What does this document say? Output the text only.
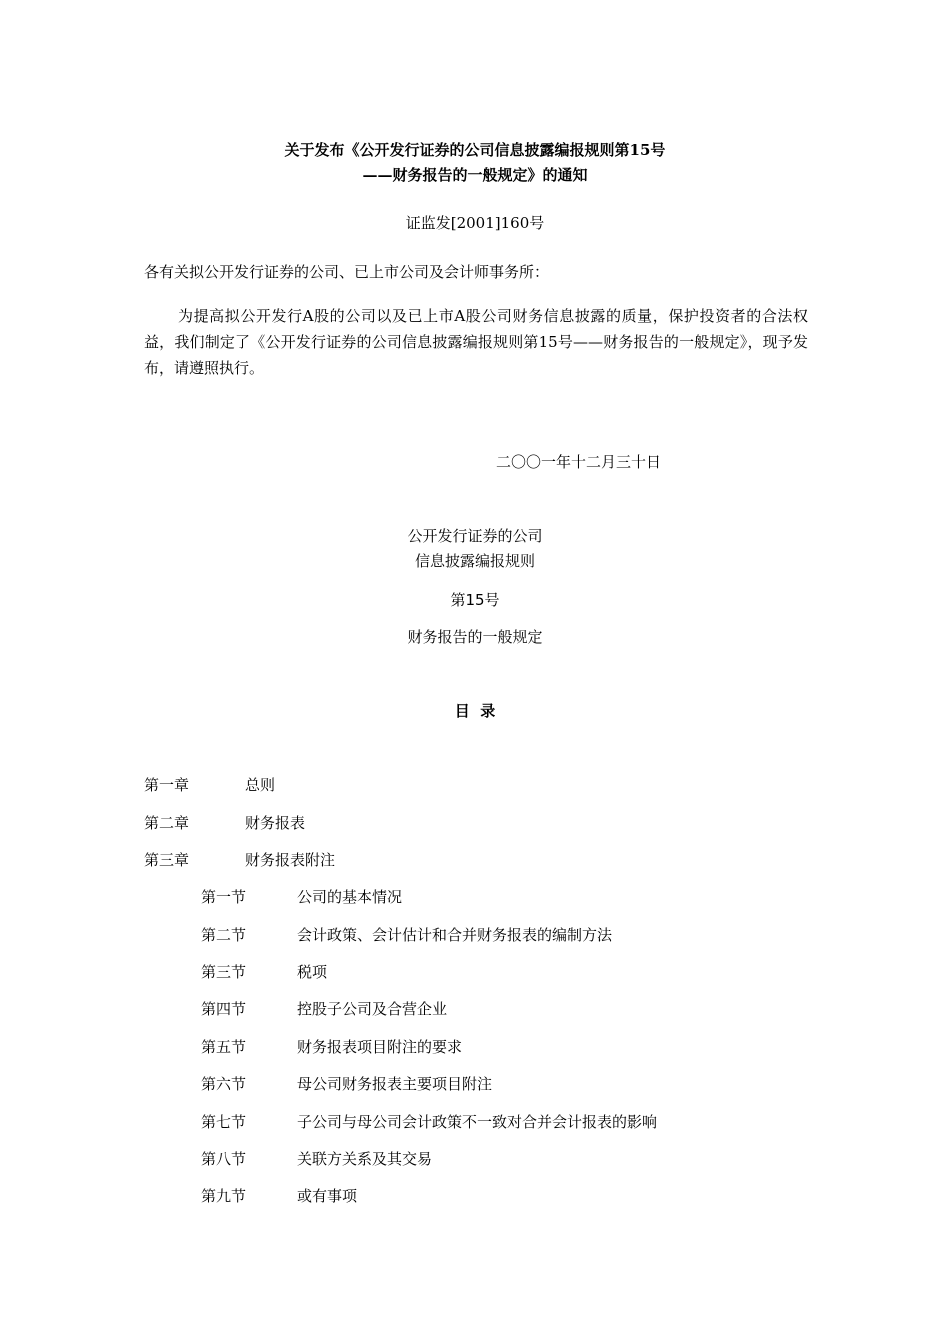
关于发布《公开发行证券的公司信息披露编报规则第15号
——财务报告的一般规定》的通知
证监发[2001]160号
各有关拟公开发行证券的公司、已上市公司及会计师事务所：
为提高拟公开发行A股的公司以及已上市A股公司财务信息披露的质量，保护投资者的合法权益，我们制定了《公开发行证券的公司信息披露编报规则第15号——财务报告的一般规定》，现予发布，请遵照执行。
二〇〇一年十二月三十日
公开发行证券的公司
信息披露编报规则
第15号
财务报告的一般规定
目  录
第一章	总则
第二章	财务报表
第三章	财务报表附注
第一节	公司的基本情况
第二节	会计政策、会计估计和合并财务报表的编制方法
第三节	税项
第四节	控股子公司及合营企业
第五节	财务报表项目附注的要求
第六节	母公司财务报表主要项目附注
第七节	子公司与母公司会计政策不一致对合并会计报表的影响
第八节	关联方关系及其交易
第九节	或有事项
